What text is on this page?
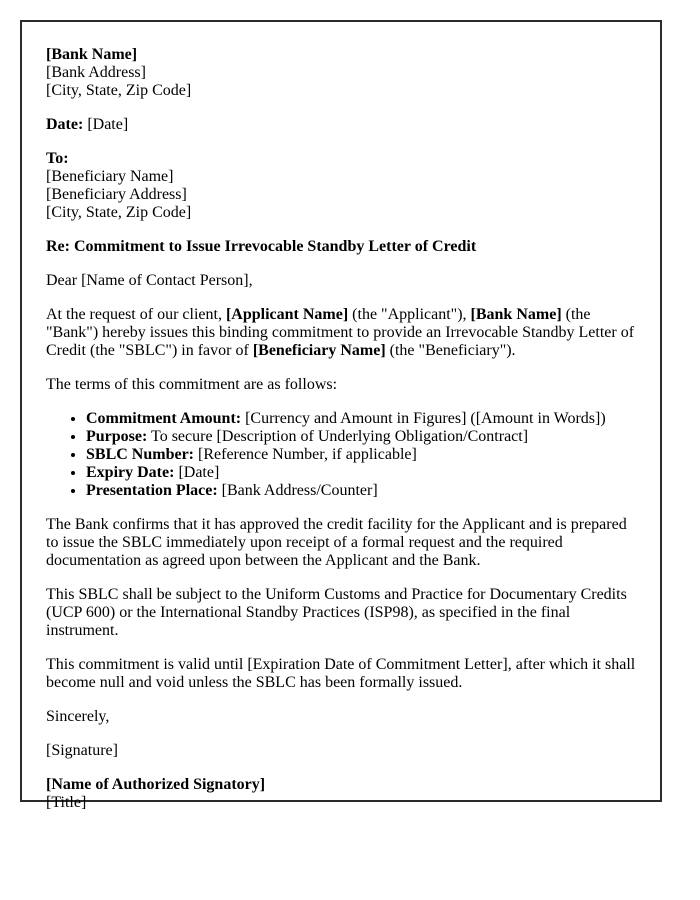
[Bank Name]
[Bank Address]
[City, State, Zip Code]

Date: [Date]

To:
[Beneficiary Name]
[Beneficiary Address]
[City, State, Zip Code]

Re: Commitment to Issue Irrevocable Standby Letter of Credit

Dear [Name of Contact Person],

At the request of our client, [Applicant Name] (the "Applicant"), [Bank Name] (the "Bank") hereby issues this binding commitment to provide an Irrevocable Standby Letter of Credit (the "SBLC") in favor of [Beneficiary Name] (the "Beneficiary").

The terms of this commitment are as follows:

• Commitment Amount: [Currency and Amount in Figures] ([Amount in Words])
• Purpose: To secure [Description of Underlying Obligation/Contract]
• SBLC Number: [Reference Number, if applicable]
• Expiry Date: [Date]
• Presentation Place: [Bank Address/Counter]

The Bank confirms that it has approved the credit facility for the Applicant and is prepared to issue the SBLC immediately upon receipt of a formal request and the required documentation as agreed upon between the Applicant and the Bank.

This SBLC shall be subject to the Uniform Customs and Practice for Documentary Credits (UCP 600) or the International Standby Practices (ISP98), as specified in the final instrument.

This commitment is valid until [Expiration Date of Commitment Letter], after which it shall become null and void unless the SBLC has been formally issued.

Sincerely,

[Signature]

[Name of Authorized Signatory]
[Title]
